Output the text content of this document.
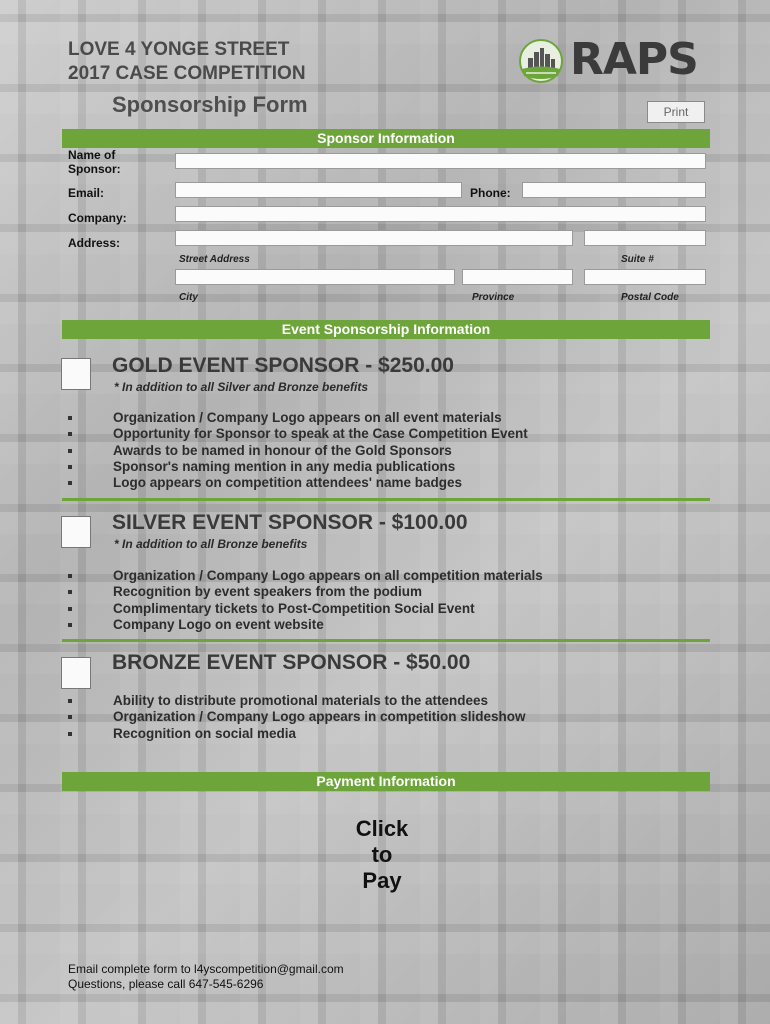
LOVE 4 YONGE STREET
2017 CASE COMPETITION
Sponsorship Form
RAPS
Print
Sponsor Information
Name of
Sponsor:
Email:	Phone:
Company:
Address:
Street Address	Suite #
City	Province	Postal Code
Event Sponsorship Information
GOLD EVENT SPONSOR - $250.00
* In addition to all Silver and Bronze benefits
Organization / Company Logo appears on all event materials
Opportunity for Sponsor to speak at the Case Competition Event
Awards to be named in honour of the Gold Sponsors
Sponsor's naming mention in any media publications
Logo appears on competition attendees' name badges
SILVER EVENT SPONSOR - $100.00
* In addition to all Bronze benefits
Organization / Company Logo appears on all competition materials
Recognition by event speakers from the podium
Complimentary tickets to Post-Competition Social Event
Company Logo on event website
BRONZE EVENT SPONSOR - $50.00
Ability to distribute promotional materials to the attendees
Organization / Company Logo appears in competition slideshow
Recognition on social media
Payment Information
Click
to
Pay
Email complete form to l4yscompetition@gmail.com
Questions, please call 647-545-6296
